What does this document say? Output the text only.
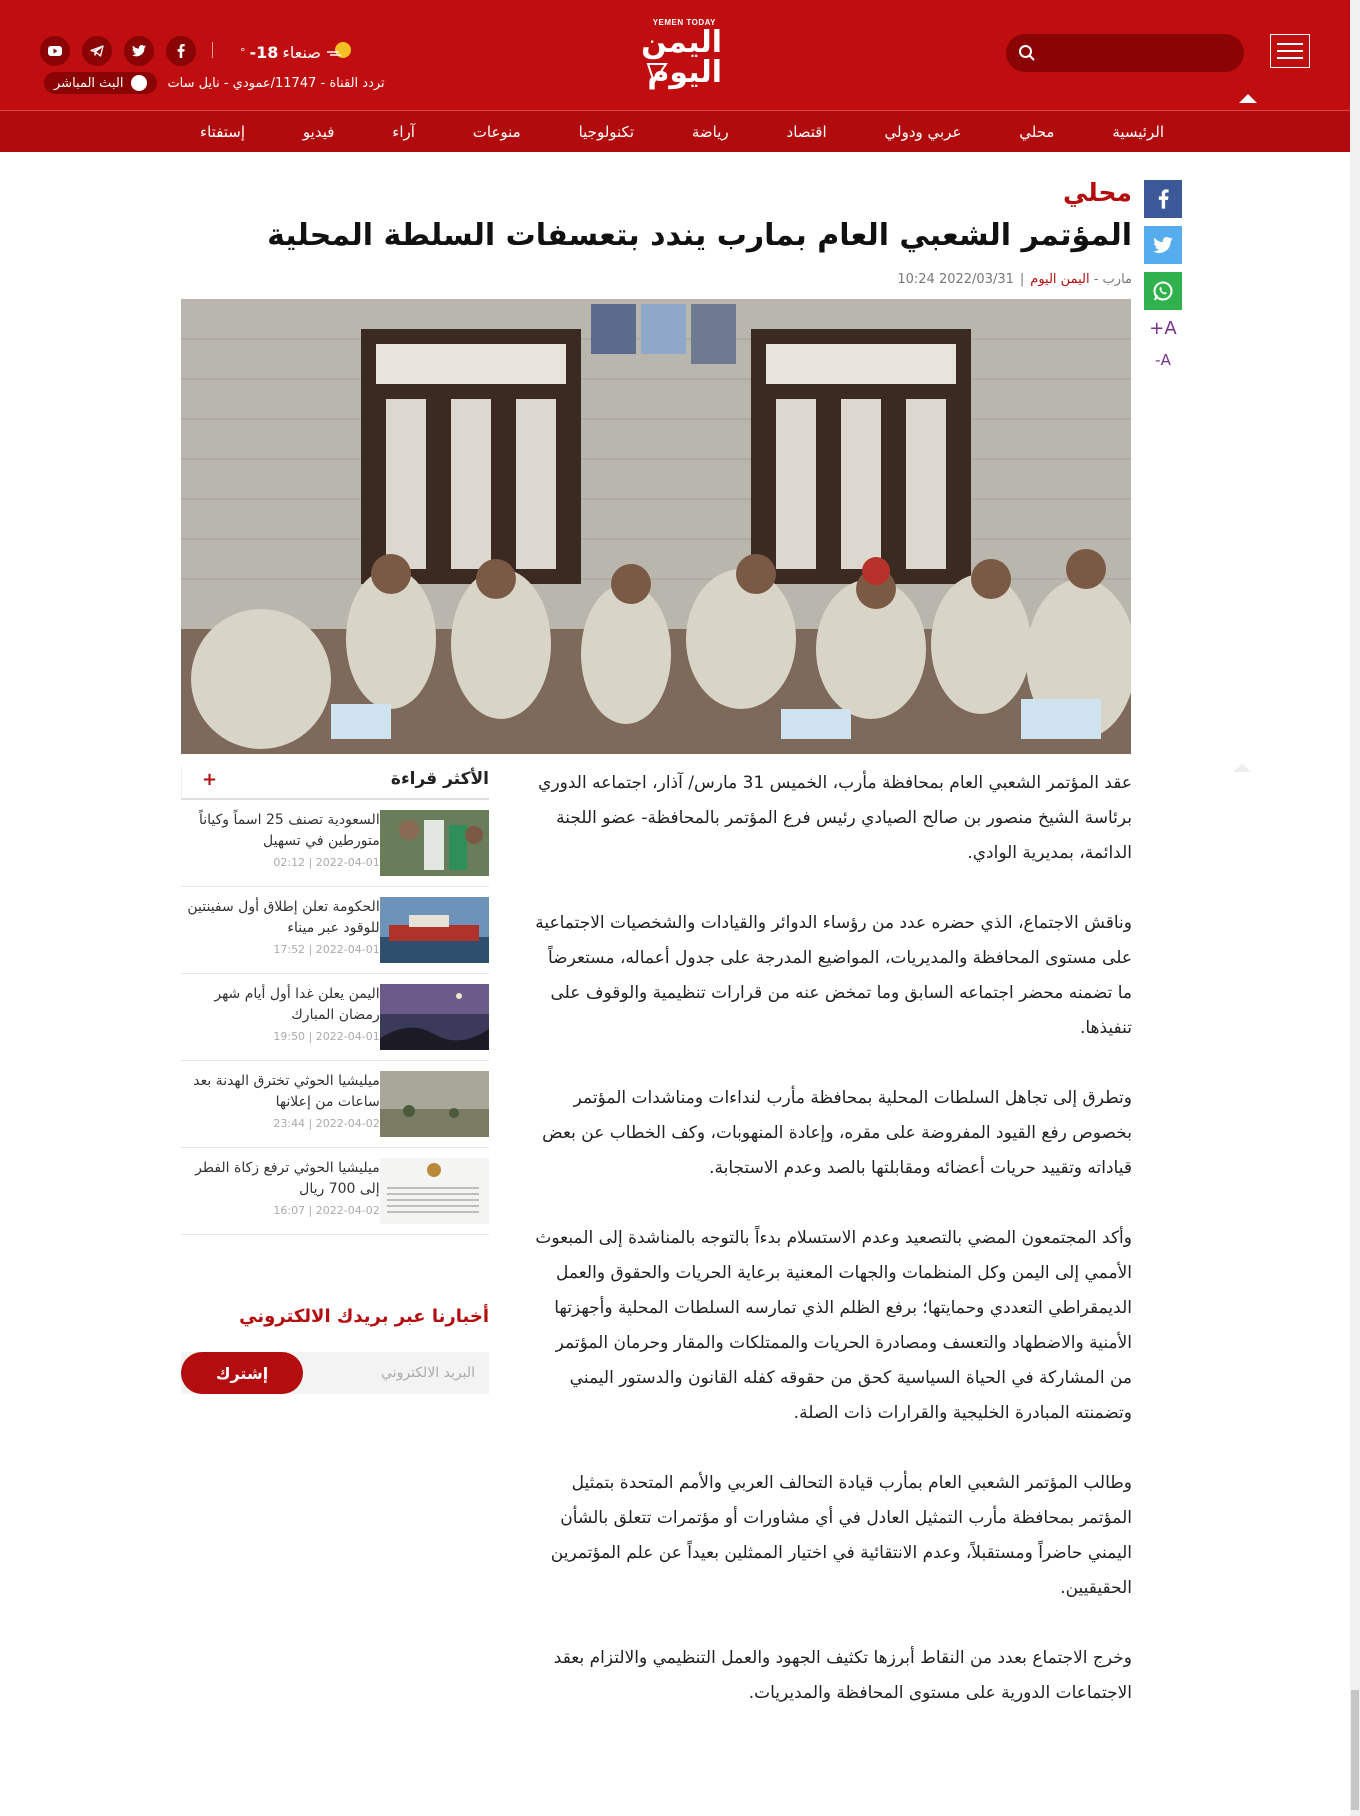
YEMEN TODAY
اليمن اليوم
صنعاء
18-
°
تردد القناة - 11747/عمودي - نايل سات
البث المباشر
الرئيسية
محلي
عربي ودولي
اقتصاد
رياضة
تكنولوجيا
منوعات
آراء
فيديو
إستفتاء
A+
A-
محلي
المؤتمر الشعبي العام بمارب يندد بتعسفات السلطة المحلية
مارب - اليمن اليوم
|
2022/03/31 10:24

عقد المؤتمر الشعبي العام بمحافظة مأرب، الخميس 31 مارس/ آذار، اجتماعه الدوري برئاسة الشيخ منصور بن صالح الصيادي رئيس فرع المؤتمر بالمحافظة- عضو اللجنة الدائمة، بمديرية الوادي.

وناقش الاجتماع، الذي حضره عدد من رؤساء الدوائر والقيادات والشخصيات الاجتماعية على مستوى المحافظة والمديريات، المواضيع المدرجة على جدول أعماله، مستعرضاً ما تضمنه محضر اجتماعه السابق وما تمخض عنه من قرارات تنظيمية والوقوف على تنفيذها.

وتطرق إلى تجاهل السلطات المحلية بمحافظة مأرب لنداءات ومناشدات المؤتمر بخصوص رفع القيود المفروضة على مقره، وإعادة المنهوبات، وكف الخطاب عن بعض قياداته وتقييد حريات أعضائه ومقابلتها بالصد وعدم الاستجابة.

وأكد المجتمعون المضي بالتصعيد وعدم الاستسلام بدءاً بالتوجه بالمناشدة إلى المبعوث الأممي إلى اليمن وكل المنظمات والجهات المعنية برعاية الحريات والحقوق والعمل الديمقراطي التعددي وحمايتها؛ برفع الظلم الذي تمارسه السلطات المحلية وأجهزتها الأمنية والاضطهاد والتعسف ومصادرة الحريات والممتلكات والمقار وحرمان المؤتمر من المشاركة في الحياة السياسية كحق من حقوقه كفله القانون والدستور اليمني وتضمنته المبادرة الخليجية والقرارات ذات الصلة.

وطالب المؤتمر الشعبي العام بمأرب قيادة التحالف العربي والأمم المتحدة بتمثيل المؤتمر بمحافظة مأرب التمثيل العادل في أي مشاورات أو مؤتمرات تتعلق بالشأن اليمني حاضراً ومستقبلاً، وعدم الانتقائية في اختيار الممثلين بعيداً عن علم المؤتمرين الحقيقيين.

وخرج الاجتماع بعدد من النقاط أبرزها تكثيف الجهود والعمل التنظيمي والالتزام بعقد الاجتماعات الدورية على مستوى المحافظة والمديريات.

الأكثر قراءة
+
السعودية تصنف 25 اسماً وكياناً متورطين في تسهيل
2022-04-01 | 02:12
الحكومة تعلن إطلاق أول سفينتين للوقود عبر ميناء
2022-04-01 | 17:52
اليمن يعلن غدا أول أيام شهر رمضان المبارك
2022-04-01 | 19:50
ميليشيا الحوثي تخترق الهدنة بعد ساعات من إعلانها
2022-04-02 | 23:44
ميليشيا الحوثي ترفع زكاة الفطر إلى 700 ريال
2022-04-02 | 16:07
أخبارنا عبر بريدك الالكتروني
البريد الالكتروني
إشترك
